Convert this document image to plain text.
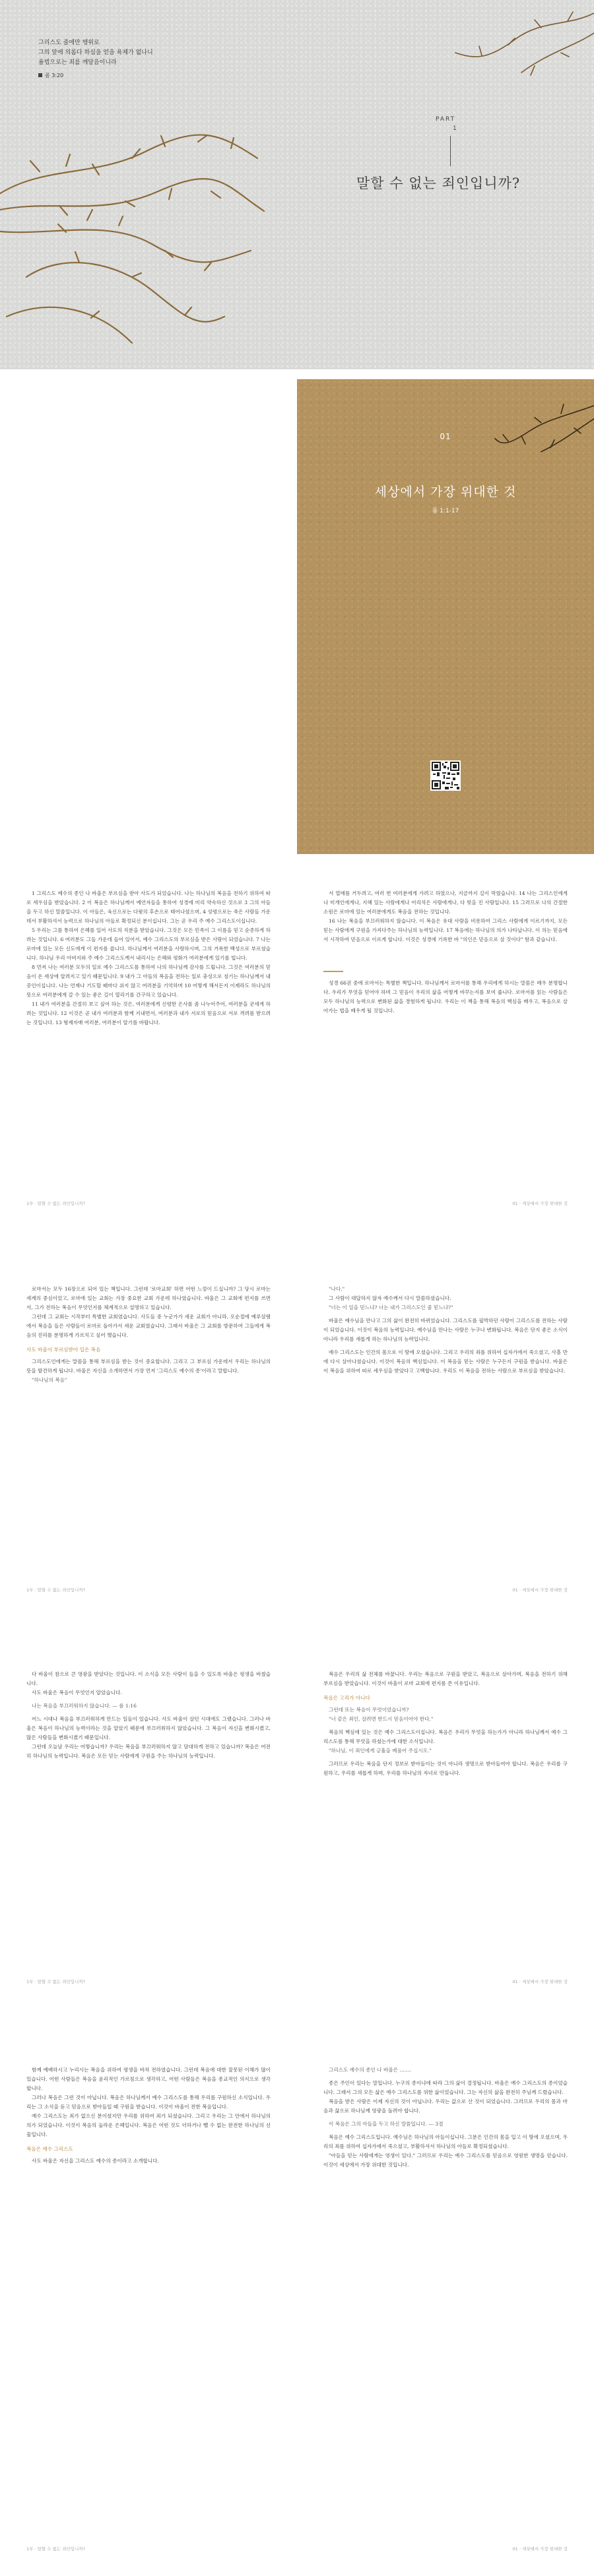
그리스도 줄에만 행위로
그의 앞에 의롭다 하심을 얻을 육체가 없나니
율법으로는 죄를 깨달음이니라
롬 3:20
PART
1
말할 수 없는 죄인입니까?
01
세상에서 가장 위대한 것
롬 1:1-17

1 그리스도 예수의 종인 나 바울은 부르심을 받아 사도가 되었습니다. 나는 하나님의 복음을 전하기 위하여 따로 세우심을 받았습니다. 2 이 복음은 하나님께서 예언자들을 통하여 성경에 미리 약속하신 것으로 3 그의 아들을 두고 하신 말씀입니다. 이 아들은, 육신으로는 다윗의 후손으로 태어나셨으며, 4 성령으로는 죽은 사람들 가운데서 부활하셔서 능력으로 하나님의 아들로 확정되신 분이십니다. 그는 곧 우리 주 예수 그리스도이십니다.

5 우리는 그를 통하여 은혜를 입어 사도의 직분을 받았습니다. 그것은 모든 민족이 그 이름을 믿고 순종하게 하려는 것입니다. 6 여러분도 그들 가운데 들어 있어서, 예수 그리스도의 부르심을 받은 사람이 되었습니다. 7 나는 로마에 있는 모든 신도에게 이 편지를 씁니다. 하나님께서 여러분을 사랑하시며, 그의 거룩한 백성으로 부르셨습니다. 하나님 우리 아버지와 주 예수 그리스도께서 내리시는 은혜와 평화가 여러분에게 있기를 빕니다.

8 먼저 나는 여러분 모두의 일로 예수 그리스도를 통하여 나의 하나님께 감사를 드립니다. 그것은 여러분의 믿음이 온 세상에 알려지고 있기 때문입니다. 9 내가 그 아들의 복음을 전하는 일로 충성으로 섬기는 하나님께서 내 증인이십니다. 나는 언제나 기도할 때마다 쉬지 않고 여러분을 기억하며 10 어떻게 해서든지 이제라도 하나님의 뜻으로 여러분에게 갈 수 있는 좋은 길이 열리기를 간구하고 있습니다.

11 내가 여러분을 간절히 보고 싶어 하는 것은, 여러분에게 신령한 은사를 좀 나누어주어, 여러분을 굳세게 하려는 것입니다. 12 이것은 곧 내가 여러분과 함께 지내면서, 여러분과 내가 서로의 믿음으로 서로 격려를 받으려는 것입니다. 13 형제자매 여러분, 여러분이 알기를 바랍니다.

1부 · 말할 수 없는 죄인입니까?

서 열매를 거두려고, 여러 번 여러분에게 가려고 하였으나, 지금까지 길이 막혔습니다. 14 나는 그리스인에게나 미개인에게나, 지혜 있는 사람에게나 어리석은 사람에게나, 다 빚을 진 사람입니다. 15 그러므로 나의 간절한 소원은 로마에 있는 여러분에게도 복음을 전하는 것입니다.

16 나는 복음을 부끄러워하지 않습니다. 이 복음은 유대 사람을 비롯하여 그리스 사람에게 이르기까지, 모든 믿는 사람에게 구원을 가져다주는 하나님의 능력입니다. 17 복음에는 하나님의 의가 나타납니다. 이 의는 믿음에서 시작하여 믿음으로 이르게 합니다. 이것은 성경에 기록한 바 "의인은 믿음으로 살 것이다" 함과 같습니다.

성경 66권 중에 로마서는 특별한 책입니다. 하나님께서 로마서를 통해 우리에게 하시는 말씀은 매우 분명합니다. 우리가 무엇을 믿어야 하며 그 믿음이 우리의 삶을 어떻게 바꾸는지를 보여 줍니다. 로마서를 읽는 사람들은 모두 하나님의 능력으로 변화된 삶을 경험하게 됩니다. 우리는 이 책을 통해 복음의 핵심을 배우고, 복음으로 살아가는 법을 배우게 될 것입니다.

01 · 세상에서 가장 위대한 것

로마서는 모두 16장으로 되어 있는 책입니다. 그런데 '로마교회' 하면 어떤 느낌이 드십니까? 그 당시 로마는 세계의 중심이었고, 로마에 있는 교회는 가장 중요한 교회 가운데 하나였습니다. 바울은 그 교회에 편지를 쓰면서, 그가 전하는 복음이 무엇인지를 체계적으로 설명하고 있습니다.

그런데 그 교회는 시작부터 특별한 교회였습니다. 사도들 중 누군가가 세운 교회가 아니라, 오순절에 예루살렘에서 복음을 들은 사람들이 로마로 돌아가서 세운 교회였습니다. 그래서 바울은 그 교회를 방문하여 그들에게 복음의 진리를 분명하게 가르치고 싶어 했습니다.

사도 바울이 부르심받아 입은 복음

그리스도인에게는 말씀을 통해 부르심을 받는 것이 중요합니다. 그리고 그 부르심 가운데서 우리는 하나님의 뜻을 발견하게 됩니다. 바울은 자신을 소개하면서 가장 먼저 '그리스도 예수의 종'이라고 말합니다.

"하나님의 복음"

1부 · 말할 수 없는 죄인입니까?

"나다."

그 사람이 대답하지 않자 예수께서 다시 말씀하셨습니다.

"너는 이 일을 믿느냐? 너는 내가 그리스도인 줄 믿느냐?"

바울은 예수님을 만나고 그의 삶이 완전히 바뀌었습니다. 그리스도를 핍박하던 사람이 그리스도를 전하는 사람이 되었습니다. 이것이 복음의 능력입니다. 예수님을 만나는 사람은 누구나 변화됩니다. 복음은 단지 좋은 소식이 아니라 우리를 새롭게 하는 하나님의 능력입니다.

예수 그리스도는 인간의 몸으로 이 땅에 오셨습니다. 그리고 우리의 죄를 위하여 십자가에서 죽으셨고, 사흘 만에 다시 살아나셨습니다. 이것이 복음의 핵심입니다. 이 복음을 믿는 사람은 누구든지 구원을 받습니다. 바울은 이 복음을 위하여 따로 세우심을 받았다고 고백합니다. 우리도 이 복음을 전하는 사람으로 부르심을 받았습니다.

01 · 세상에서 가장 위대한 것

다 바울이 참으로 큰 영광을 받았다는 것입니다. 이 소식을 모든 사람이 들을 수 있도록 바울은 평생을 바쳤습니다.

사도 바울은 복음이 무엇인지 알았습니다.

나는 복음을 부끄러워하지 않습니다. — 롬 1:16

어느 시대나 복음을 부끄러워하게 만드는 일들이 있습니다. 사도 바울이 살던 시대에도 그랬습니다. 그러나 바울은 복음이 하나님의 능력이라는 것을 알았기 때문에 부끄러워하지 않았습니다. 그 복음이 자신을 변화시켰고, 많은 사람들을 변화시켰기 때문입니다.

그런데 오늘날 우리는 어떻습니까? 우리는 복음을 부끄러워하지 않고 담대하게 전하고 있습니까? 복음은 여전히 하나님의 능력입니다. 복음은 모든 믿는 사람에게 구원을 주는 하나님의 능력입니다.

1부 · 말할 수 없는 죄인입니까?

복음은 우리의 삶 전체를 바꿉니다. 우리는 복음으로 구원을 받았고, 복음으로 살아가며, 복음을 전하기 위해 부르심을 받았습니다. 이것이 바울이 로마 교회에 편지를 쓴 이유입니다.

복음은 고리가 아니다

그런데 또는 복음이 무엇이었습니까?

"너 같은 죄인, 살려면 반드시 믿음이어야 한다."

복음의 핵심에 있는 것은 예수 그리스도이십니다. 복음은 우리가 무엇을 하는가가 아니라 하나님께서 예수 그리스도를 통해 무엇을 하셨는가에 대한 소식입니다.

"하나님, 이 죄인에게 긍휼을 베풀어 주십시오."

그러므로 우리는 복음을 단지 정보로 받아들이는 것이 아니라 생명으로 받아들여야 합니다. 복음은 우리를 구원하고, 우리를 새롭게 하며, 우리를 하나님의 자녀로 만듭니다.

01 · 세상에서 가장 위대한 것

함께 예배하시고 누리시는 복음을 위하여 평생을 바쳐 전하였습니다. 그런데 복음에 대한 잘못된 이해가 많이 있습니다. 어떤 사람들은 복음을 윤리적인 가르침으로 생각하고, 어떤 사람들은 복음을 종교적인 의식으로 생각합니다.

그러나 복음은 그런 것이 아닙니다. 복음은 하나님께서 예수 그리스도를 통해 우리를 구원하신 소식입니다. 우리는 그 소식을 듣고 믿음으로 받아들일 때 구원을 받습니다. 이것이 바울이 전한 복음입니다.

예수 그리스도는 죄가 없으신 분이셨지만 우리를 위하여 죄가 되셨습니다. 그리고 우리는 그 안에서 하나님의 의가 되었습니다. 이것이 복음의 놀라운 은혜입니다. 복음은 어떤 것도 더하거나 뺄 수 없는 완전한 하나님의 선물입니다.

복음은 예수 그리스도

사도 바울은 자신을 그리스도 예수의 종이라고 소개합니다.

1부 · 말할 수 없는 죄인입니까?

그리스도 예수의 종인 나 바울은 …….

종은 주인이 있다는 말입니다. 누구의 종이냐에 따라 그의 삶이 결정됩니다. 바울은 예수 그리스도의 종이었습니다. 그래서 그의 모든 삶은 예수 그리스도를 위한 삶이었습니다. 그는 자신의 삶을 완전히 주님께 드렸습니다.

복음을 받은 사람은 이제 자신의 것이 아닙니다. 우리는 값으로 산 것이 되었습니다. 그러므로 우리의 몸과 마음과 삶으로 하나님께 영광을 돌려야 합니다.

이 복음은 그의 아들을 두고 하신 말씀입니다. — 3절

복음은 예수 그리스도입니다. 예수님은 하나님의 아들이십니다. 그분은 인간의 몸을 입고 이 땅에 오셨으며, 우리의 죄를 위하여 십자가에서 죽으셨고, 부활하셔서 하나님의 아들로 확정되셨습니다.

"아들을 믿는 사람에게는 영생이 있다." 그러므로 우리는 예수 그리스도를 믿음으로 영원한 생명을 얻습니다. 이것이 세상에서 가장 위대한 것입니다.

01 · 세상에서 가장 위대한 것
